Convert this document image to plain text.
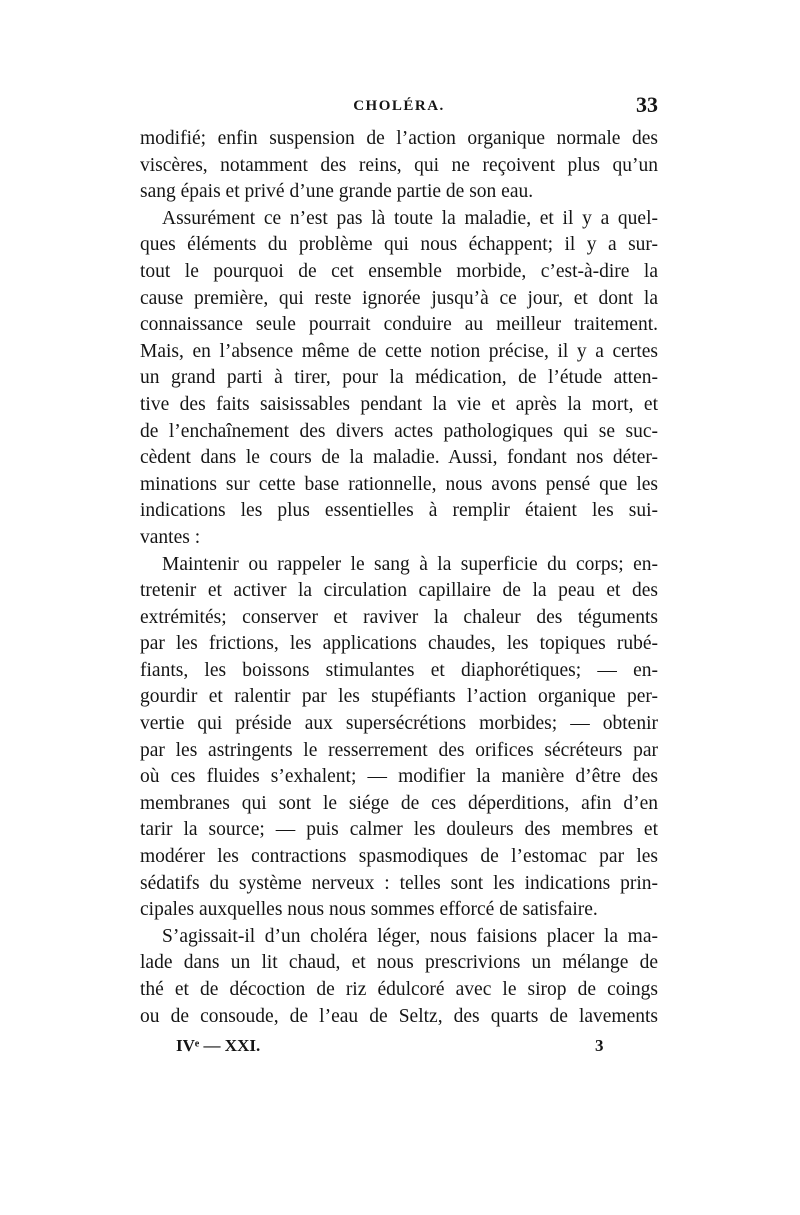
CHOLÉRA.	33
modifié; enfin suspension de l’action organique normale des
viscères, notamment des reins, qui ne reçoivent plus qu’un
sang épais et privé d’une grande partie de son eau.
Assurément ce n’est pas là toute la maladie, et il y a quel-
ques éléments du problème qui nous échappent; il y a sur-
tout le pourquoi de cet ensemble morbide, c’est-à-dire la
cause première, qui reste ignorée jusqu’à ce jour, et dont la
connaissance seule pourrait conduire au meilleur traitement.
Mais, en l’absence même de cette notion précise, il y a certes
un grand parti à tirer, pour la médication, de l’étude atten-
tive des faits saisissables pendant la vie et après la mort, et
de l’enchaînement des divers actes pathologiques qui se suc-
cèdent dans le cours de la maladie. Aussi, fondant nos déter-
minations sur cette base rationnelle, nous avons pensé que les
indications les plus essentielles à remplir étaient les sui-
vantes :
Maintenir ou rappeler le sang à la superficie du corps; en-
tretenir et activer la circulation capillaire de la peau et des
extrémités; conserver et raviver la chaleur des téguments
par les frictions, les applications chaudes, les topiques rubé-
fiants, les boissons stimulantes et diaphorétiques; — en-
gourdir et ralentir par les stupéfiants l’action organique per-
vertie qui préside aux supersécrétions morbides; — obtenir
par les astringents le resserrement des orifices sécréteurs par
où ces fluides s’exhalent; — modifier la manière d’être des
membranes qui sont le siége de ces déperditions, afin d’en
tarir la source; — puis calmer les douleurs des membres et
modérer les contractions spasmodiques de l’estomac par les
sédatifs du système nerveux : telles sont les indications prin-
cipales auxquelles nous nous sommes efforcé de satisfaire.
S’agissait-il d’un choléra léger, nous faisions placer la ma-
lade dans un lit chaud, et nous prescrivions un mélange de
thé et de décoction de riz édulcoré avec le sirop de coings
ou de consoude, de l’eau de Seltz, des quarts de lavements
IVᵉ — XXI.	3
